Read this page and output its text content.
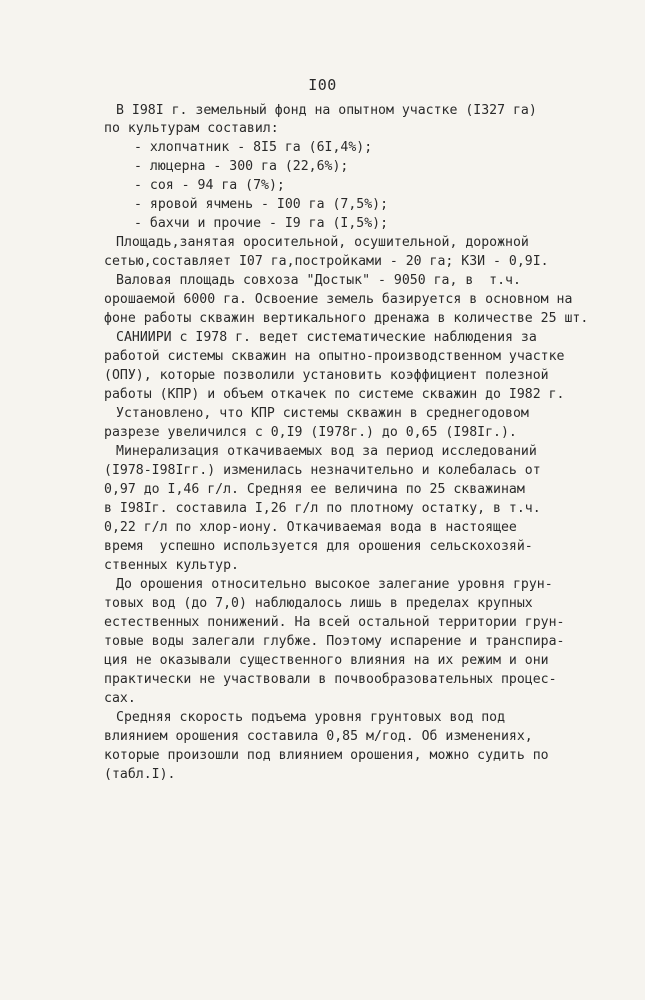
I00
В I98I г. земельный фонд на опытном участке (I327 га)
по культурам составил:
- хлопчатник - 8I5 га (6I,4%);
- люцерна - 300 га (22,6%);
- соя - 94 га (7%);
- яровой ячмень - I00 га (7,5%);
- бахчи и прочие - I9 га (I,5%);
Площадь,занятая оросительной, осушительной, дорожной
сетью,составляет I07 га,постройками - 20 га; КЗИ - 0,9I.
Валовая площадь совхоза "Достык" - 9050 га, в  т.ч.
орошаемой 6000 га. Освоение земель базируется в основном на
фоне работы скважин вертикального дренажа в количестве 25 шт.
САНИИРИ с I978 г. ведет систематические наблюдения за
работой системы скважин на опытно-производственном участке
(ОПУ), которые позволили установить коэффициент полезной
работы (КПР) и объем откачек по системе скважин до I982 г.
Установлено, что КПР системы скважин в среднегодовом
разрезе увеличился с 0,I9 (I978г.) до 0,65 (I98Iг.).
Минерализация откачиваемых вод за период исследований
(I978-I98Iгг.) изменилась незначительно и колебалась от
0,97 до I,46 г/л. Средняя ее величина по 25 скважинам
в I98Iг. составила I,26 г/л по плотному остатку, в т.ч.
0,22 г/л по хлор-иону. Откачиваемая вода в настоящее
время  успешно используется для орошения сельскохозяй-
ственных культур.
До орошения относительно высокое залегание уровня грун-
товых вод (до 7,0) наблюдалось лишь в пределах крупных
естественных понижений. На всей остальной территории грун-
товые воды залегали глубже. Поэтому испарение и транспира-
ция не оказывали существенного влияния на их режим и они
практически не участвовали в почвообразовательных процес-
сах.
Средняя скорость подъема уровня грунтовых вод под
влиянием орошения составила 0,85 м/год. Об изменениях,
которые произошли под влиянием орошения, можно судить по
(табл.I).
